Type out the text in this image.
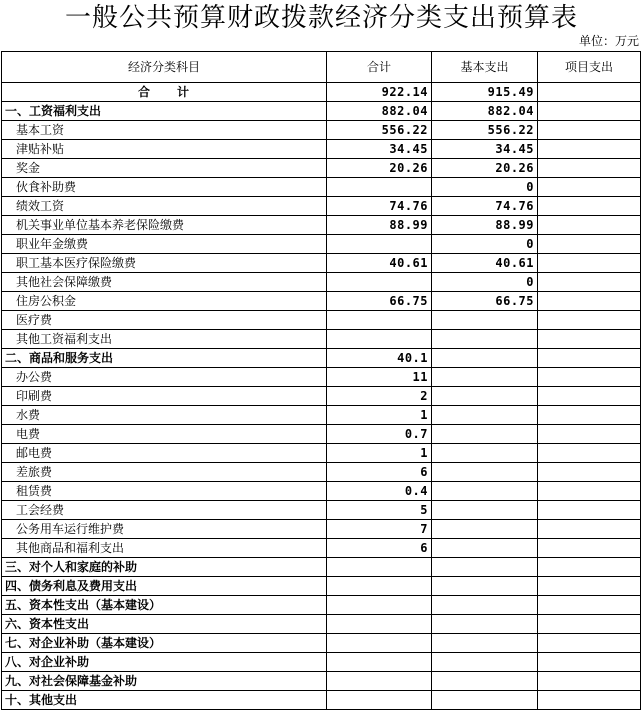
一般公共预算财政拨款经济分类支出预算表
单位：万元
经济分类科目	合计	基本支出	项目支出
合　　计	922.14	915.49	
一、工资福利支出	882.04	882.04	
基本工资	556.22	556.22	
津贴补贴	34.45	34.45	
奖金	20.26	20.26	
伙食补助费		0	
绩效工资	74.76	74.76	
机关事业单位基本养老保险缴费	88.99	88.99	
职业年金缴费		0	
职工基本医疗保险缴费	40.61	40.61	
其他社会保障缴费		0	
住房公积金	66.75	66.75	
医疗费			
其他工资福利支出			
二、商品和服务支出	40.1		
办公费	11		
印刷费	2		
水费	1		
电费	0.7		
邮电费	1		
差旅费	6		
租赁费	0.4		
工会经费	5		
公务用车运行维护费	7		
其他商品和福利支出	6		
三、对个人和家庭的补助			
四、债务利息及费用支出			
五、资本性支出（基本建设）			
六、资本性支出			
七、对企业补助（基本建设）			
八、对企业补助			
九、对社会保障基金补助			
十、其他支出			
